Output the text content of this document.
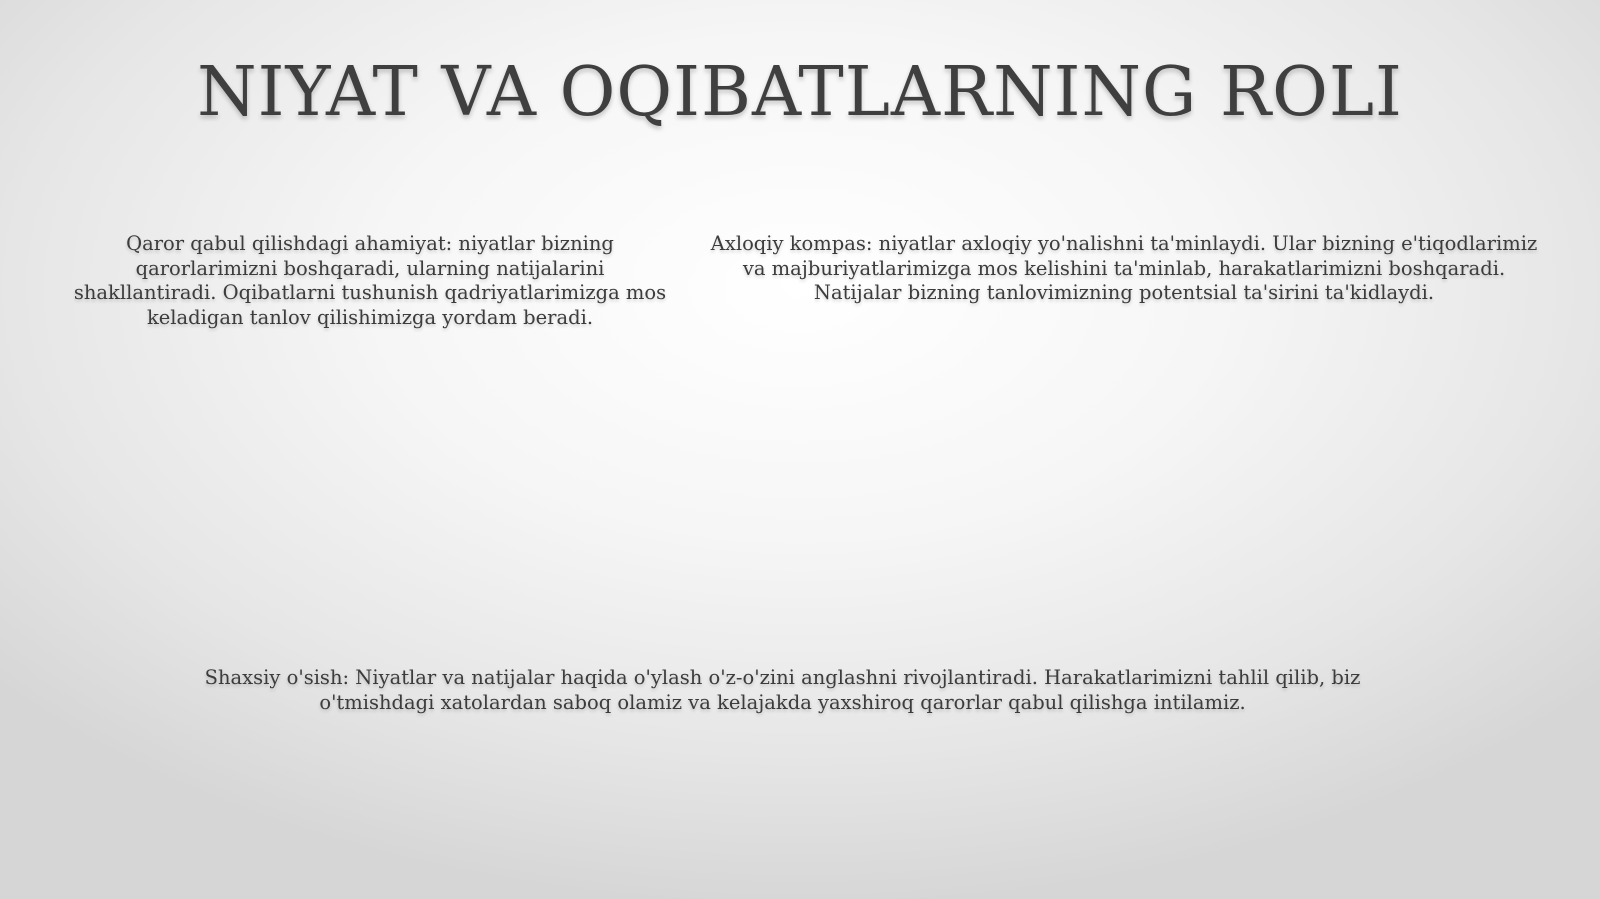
NIYAT VA OQIBATLARNING ROLI

Qaror qabul qilishdagi ahamiyat: niyatlar bizning qarorlarimizni boshqaradi, ularning natijalarini shakllantiradi. Oqibatlarni tushunish qadriyatlarimizga mos keladigan tanlov qilishimizga yordam beradi.

Axloqiy kompas: niyatlar axloqiy yo'nalishni ta'minlaydi. Ular bizning e'tiqodlarimiz va majburiyatlarimizga mos kelishini ta'minlab, harakatlarimizni boshqaradi. Natijalar bizning tanlovimizning potentsial ta'sirini ta'kidlaydi.

Shaxsiy o'sish: Niyatlar va natijalar haqida o'ylash o'z-o'zini anglashni rivojlantiradi. Harakatlarimizni tahlil qilib, biz o'tmishdagi xatolardan saboq olamiz va kelajakda yaxshiroq qarorlar qabul qilishga intilamiz.
